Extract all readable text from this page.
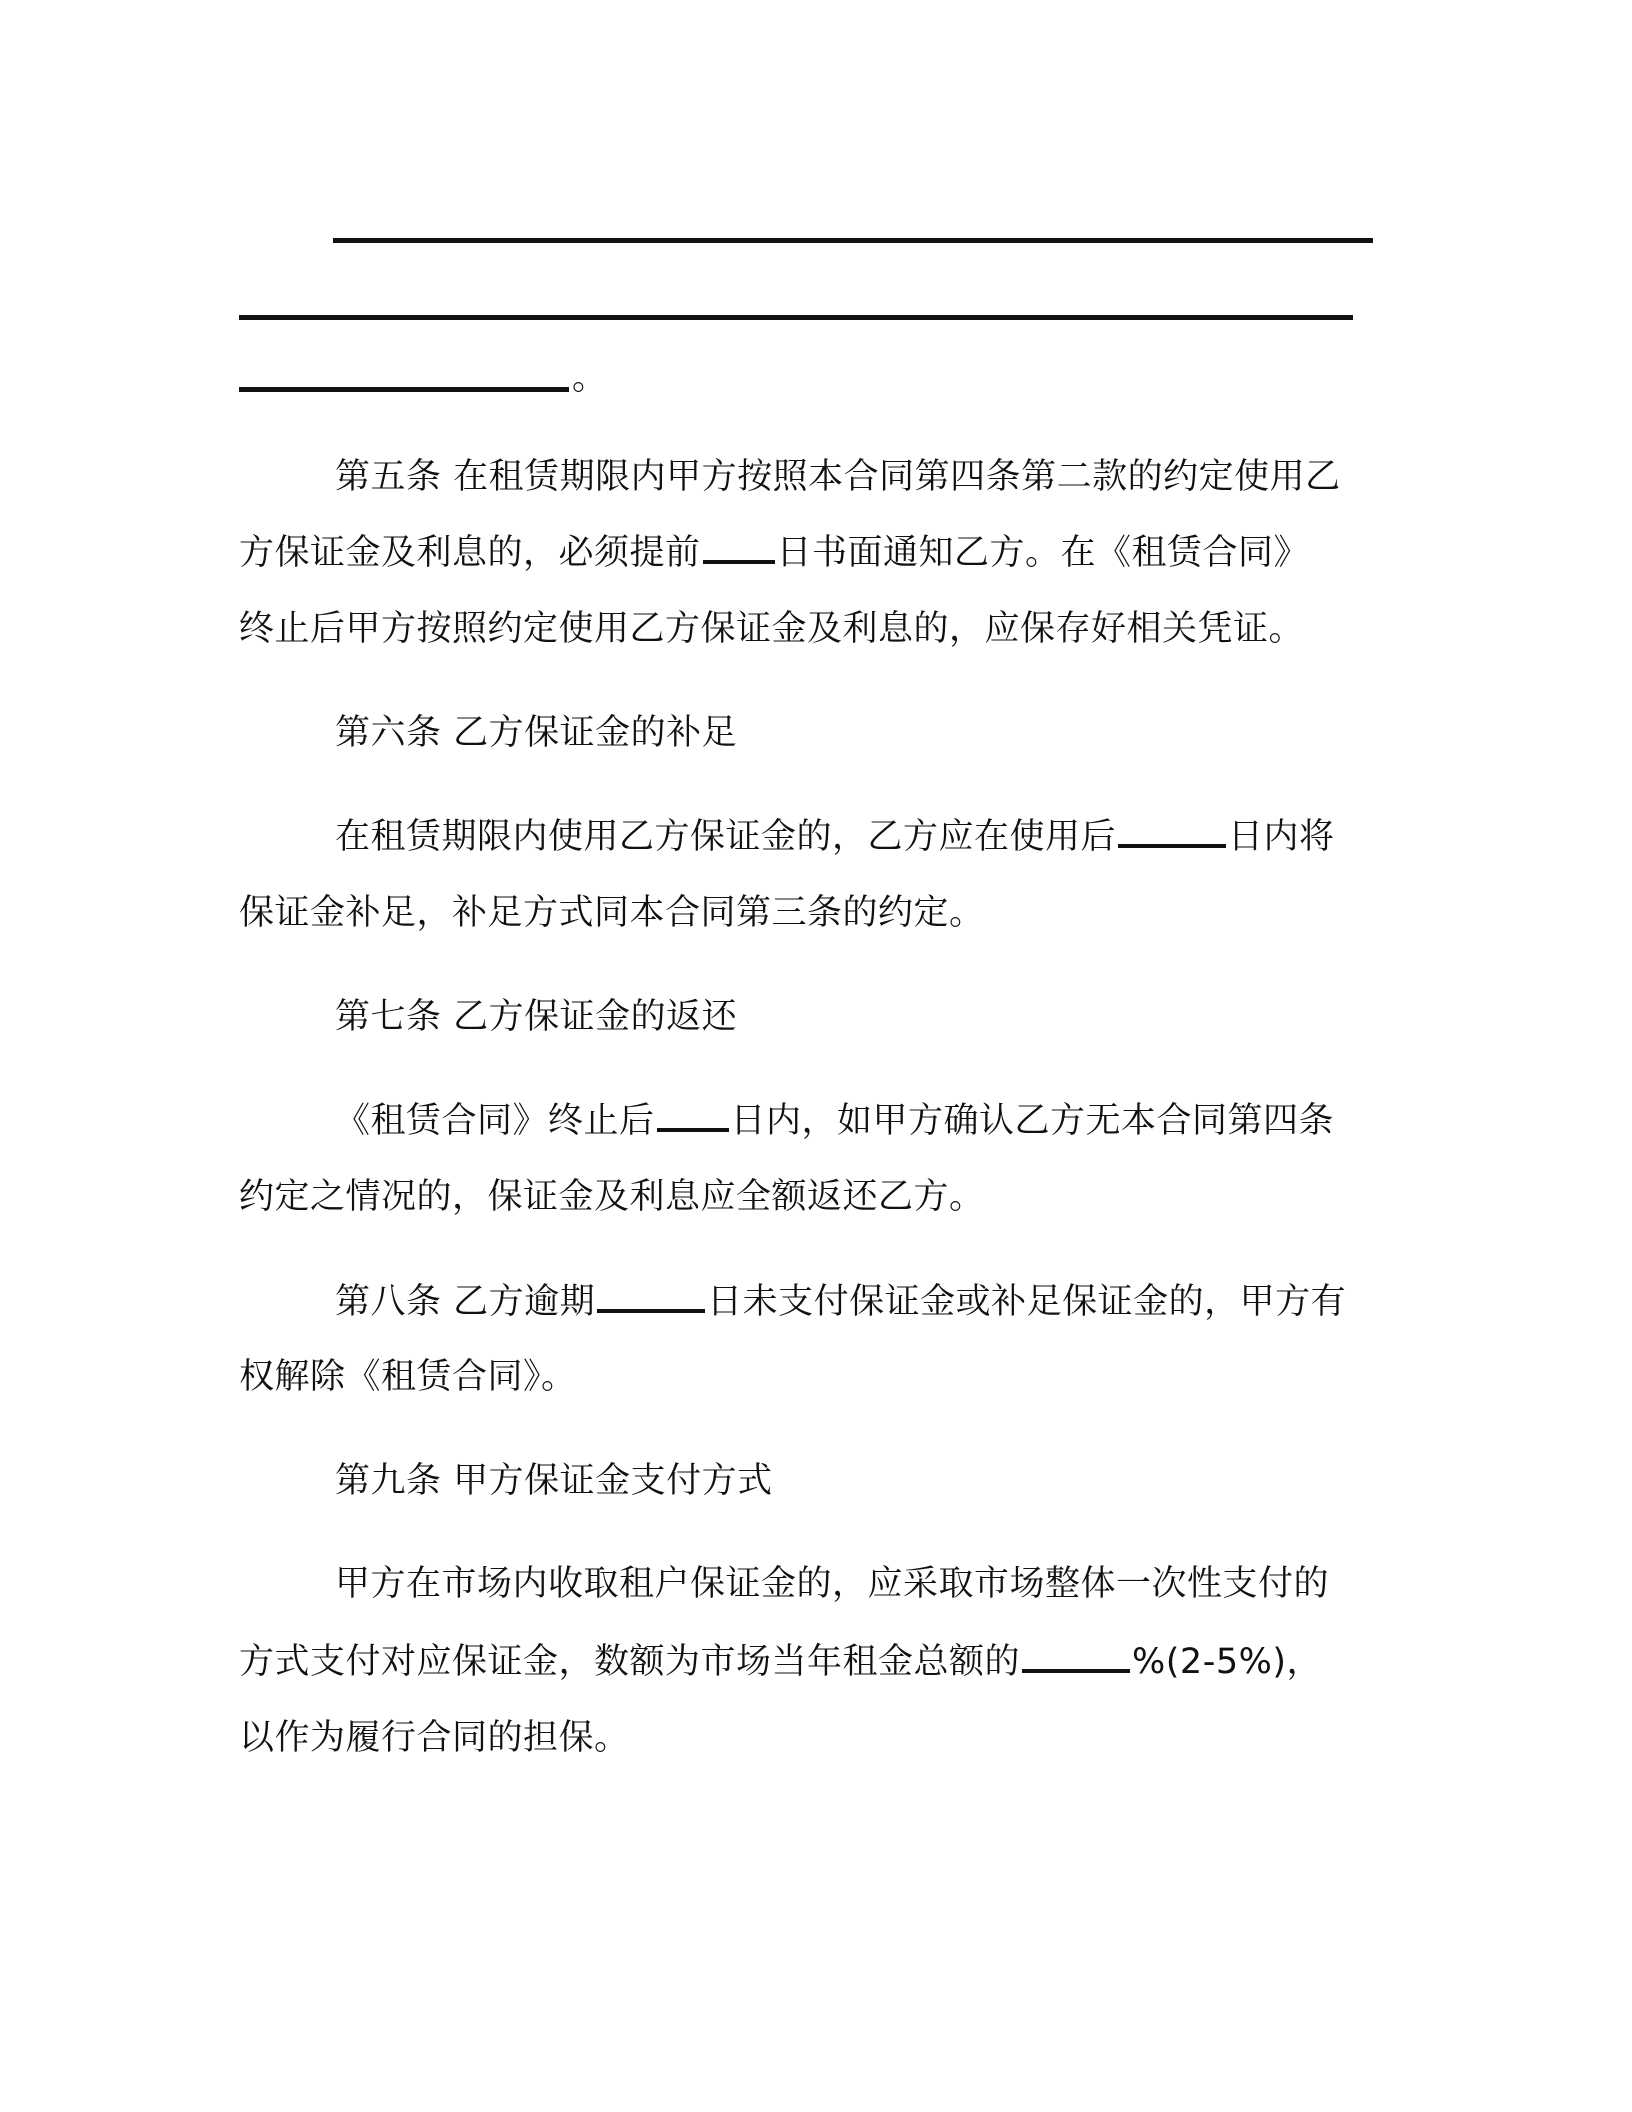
。
第五条 在租赁期限内甲方按照本合同第四条第二款的约定使用乙
方保证金及利息的，必须提前 日书面通知乙方。在《租赁合同》
终止后甲方按照约定使用乙方保证金及利息的，应保存好相关凭证。
第六条 乙方保证金的补足
在租赁期限内使用乙方保证金的，乙方应在使用后	日内将
保证金补足，补足方式同本合同第三条的约定。
第七条 乙方保证金的返还
《租赁合同》终止后 日内，如甲方确认乙方无本合同第四条
约定之情况的，保证金及利息应全额返还乙方。
第八条 乙方逾期	日未支付保证金或补足保证金的，甲方有
权解除《租赁合同》。
第九条 甲方保证金支付方式
甲方在市场内收取租户保证金的，应采取市场整体一次性支付的
方式支付对应保证金，数额为市场当年租金总额的	%(2-5%)，
以作为履行合同的担保。
